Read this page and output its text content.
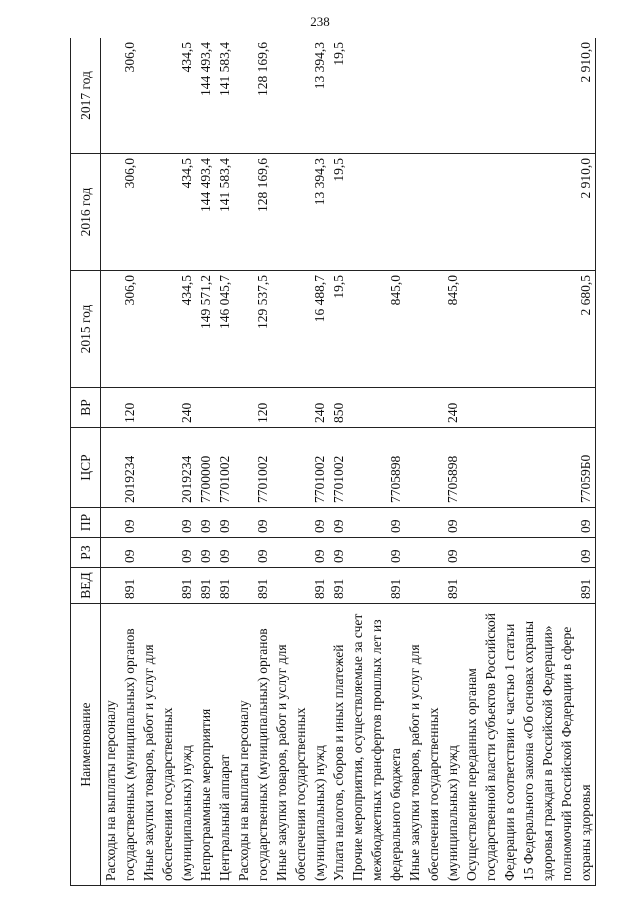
238
Наименование	ВЕД	РЗ	ПР	ЦСР	ВР	2015 год	2016 год	2017 год
Расходы на выплаты персоналу государственных (муниципальных) органов	891	09	09	2019234	120	306,0	306,0	306,0
Иные закупки товаров, работ и услуг для обеспечения государственных (муниципальных) нужд	891	09	09	2019234	240	434,5	434,5	434,5
Непрограммные мероприятия	891	09	09	7700000		149 571,2	144 493,4	144 493,4
Центральный аппарат	891	09	09	7701002		146 045,7	141 583,4	141 583,4
Расходы на выплаты персоналу государственных (муниципальных) органов	891	09	09	7701002	120	129 537,5	128 169,6	128 169,6
Иные закупки товаров, работ и услуг для обеспечения государственных (муниципальных) нужд	891	09	09	7701002	240	16 488,7	13 394,3	13 394,3
Уплата налогов, сборов и иных платежей	891	09	09	7701002	850	19,5	19,5	19,5
Прочие мероприятия, осуществляемые за счет межбюджетных трансфертов прошлых лет из федерального бюджета	891	09	09	7705898		845,0		
Иные закупки товаров, работ и услуг для обеспечения государственных (муниципальных) нужд	891	09	09	7705898	240	845,0		
Осуществление переданных органам государственной власти субъектов Российской Федерации в соответствии с частью 1 статьи 15 Федерального закона «Об основах охраны здоровья граждан в Российской Федерации» полномочий Российской Федерации в сфере охраны здоровья	891	09	09	77059Б0		2 680,5	2 910,0	2 910,0
